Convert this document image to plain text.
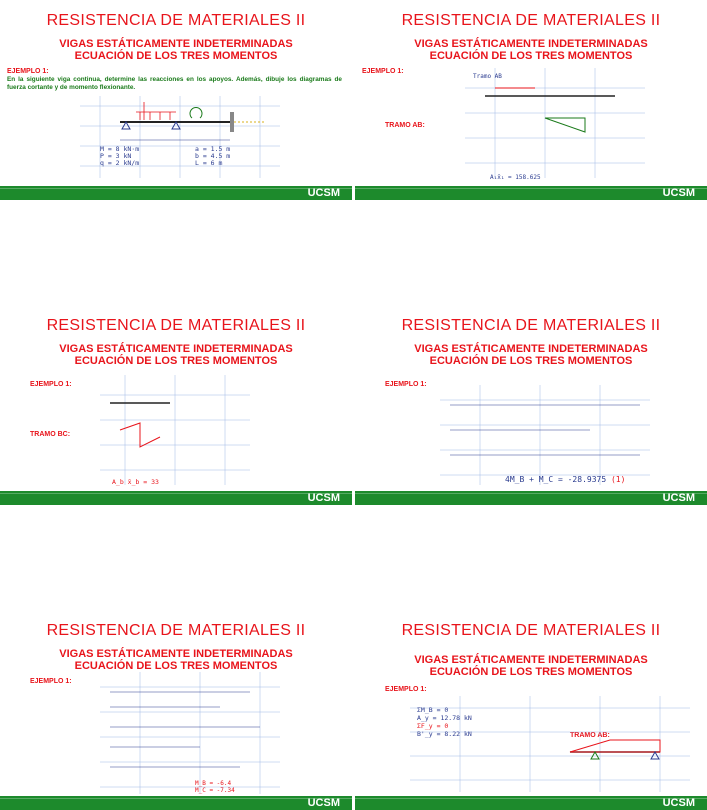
RESISTENCIA DE MATERIALES II
VIGAS ESTÁTICAMENTE INDETERMINADAS
ECUACIÓN DE LOS TRES MOMENTOS
EJEMPLO 1:
En la siguiente viga continua, determine las reacciones en los apoyos. Además, dibuje los diagramas de fuerza cortante y de momento flexionante.
M = 8 kN·m
P = 3 kN
q = 2 kN/m
a = 1.5 m
b = 4.5 m
L = 6 m
UCSM
RESISTENCIA DE MATERIALES II
VIGAS ESTÁTICAMENTE INDETERMINADAS
ECUACIÓN DE LOS TRES MOMENTOS
EJEMPLO 1:
TRAMO AB:
Tramo AB
A₁x̄₁ = 158.625
UCSM
RESISTENCIA DE MATERIALES II
VIGAS ESTÁTICAMENTE INDETERMINADAS
ECUACIÓN DE LOS TRES MOMENTOS
EJEMPLO 1:
TRAMO BC:
A_b x̄_b = 33
UCSM
RESISTENCIA DE MATERIALES II
VIGAS ESTÁTICAMENTE INDETERMINADAS
ECUACIÓN DE LOS TRES MOMENTOS
EJEMPLO 1:
4M_B + M_C = -28.9375 (1)
UCSM
RESISTENCIA DE MATERIALES II
VIGAS ESTÁTICAMENTE INDETERMINADAS
ECUACIÓN DE LOS TRES MOMENTOS
EJEMPLO 1:
M_B = -6.4
M_C = -7.34
UCSM
RESISTENCIA DE MATERIALES II
VIGAS ESTÁTICAMENTE INDETERMINADAS
ECUACIÓN DE LOS TRES MOMENTOS
EJEMPLO 1:
TRAMO AB:
ΣM_B = 0
A_y = 12.78 kN
ΣF_y = 0
B'_y = 8.22 kN
UCSM
